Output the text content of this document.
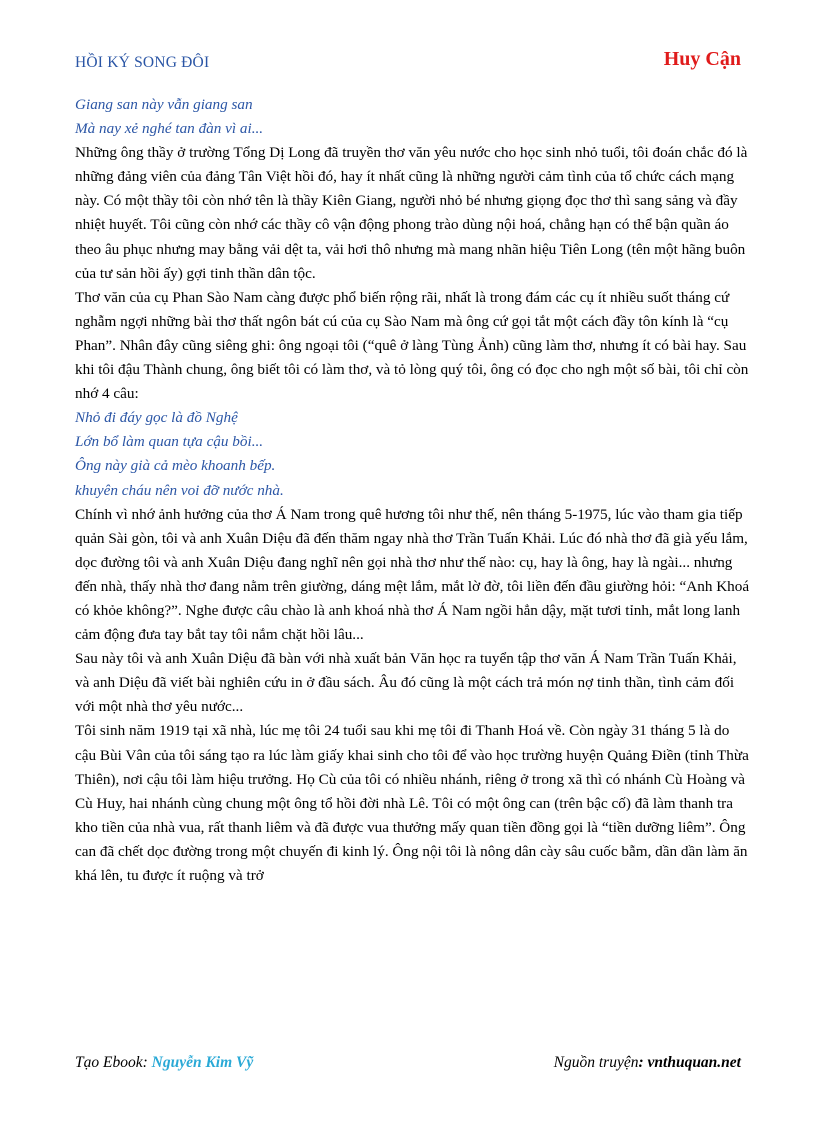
HỒI KÝ SONG ĐÔI	Huy Cận

Giang san này vẫn giang san

Mà nay xẻ nghé tan đàn vì ai...

Những ông thầy ở trường Tổng Dị Long đã truyền thơ văn yêu nước cho học sinh nhỏ tuổi, tôi đoán chắc đó là những đảng viên của đảng Tân Việt hồi đó, hay ít nhất cũng là những người cảm tình của tổ chức cách mạng này. Có một thầy tôi còn nhớ tên là thầy Kiên Giang, người nhỏ bé nhưng giọng đọc thơ thì sang sảng và đầy nhiệt huyết. Tôi cũng còn nhớ các thầy cô vận động phong trào dùng nội hoá, chẳng hạn có thể bận quần áo theo âu phục nhưng may bằng vải dệt ta, vải hơi thô nhưng mà mang nhãn hiệu Tiên Long (tên một hãng buôn của tư sản hồi ấy) gợi tinh thần dân tộc.

Thơ văn của cụ Phan Sào Nam càng được phổ biến rộng rãi, nhất là trong đám các cụ ít nhiều suốt tháng cứ nghẫm ngợi những bài thơ thất ngôn bát cú của cụ Sào Nam mà ông cứ gọi tắt một cách đầy tôn kính là “cụ Phan”. Nhân đây cũng siêng ghi: ông ngoại tôi (“quê ở làng Tùng Ảnh) cũng làm thơ, nhưng ít có bài hay. Sau khi tôi đậu Thành chung, ông biết tôi có làm thơ, và tỏ lòng quý tôi, ông có đọc cho ngh một số bài, tôi chỉ còn nhớ 4 câu:

Nhỏ đi đáy gọc là đồ Nghệ

Lớn bổ làm quan tựa cậu bồi...

Ông này già cả mèo khoanh bếp.

khuyên cháu nên voi đỡ nước nhà.

Chính vì nhớ ảnh hưởng của thơ Á Nam trong quê hương tôi như thế, nên tháng 5-1975, lúc vào tham gia tiếp quản Sài gòn, tôi và anh Xuân Diệu đã đến thăm ngay nhà thơ Trần Tuấn Khải. Lúc đó nhà thơ đã già yếu lắm, dọc đường tôi và anh Xuân Diệu đang nghĩ nên gọi nhà thơ như thế nào: cụ, hay là ông, hay là ngài... nhưng đến nhà, thấy nhà thơ đang nằm trên giường, dáng mệt lắm, mắt lờ đờ, tôi liền đến đầu giường hỏi: “Anh Khoá có khỏe không?”. Nghe được câu chào là anh khoá nhà thơ Á Nam ngồi hẳn dậy, mặt tươi tỉnh, mắt long lanh cảm động đưa tay bắt tay tôi nắm chặt hồi lâu...

Sau này tôi và anh Xuân Diệu đã bàn với nhà xuất bản Văn học ra tuyển tập thơ văn Á Nam Trần Tuấn Khải, và anh Diệu đã viết bài nghiên cứu in ở đầu sách. Âu đó cũng là một cách trả món nợ tinh thần, tình cảm đối với một nhà thơ yêu nước...

Tôi sinh năm 1919 tại xã nhà, lúc mẹ tôi 24 tuổi sau khi mẹ tôi đi Thanh Hoá về. Còn ngày 31 tháng 5 là do cậu Bùi Vân của tôi sáng tạo ra lúc làm giấy khai sinh cho tôi để vào học trường huyện Quảng Điền (tỉnh Thừa Thiên), nơi cậu tôi làm hiệu trưởng. Họ Cù của tôi có nhiều nhánh, riêng ở trong xã thì có nhánh Cù Hoàng và Cù Huy, hai nhánh cùng chung một ông tổ hồi đời nhà Lê. Tôi có một ông can (trên bậc cố) đã làm thanh tra kho tiền của nhà vua, rất thanh liêm và đã được vua thưởng mấy quan tiền đồng gọi là “tiền dưỡng liêm”. Ông can đã chết dọc đường trong một chuyến đi kinh lý. Ông nội tôi là nông dân cày sâu cuốc bẫm, dần dần làm ăn khá lên, tu được ít ruộng và trở

Tạo Ebook: Nguyễn Kim Vỹ	Nguồn truyện: vnthuquan.net
